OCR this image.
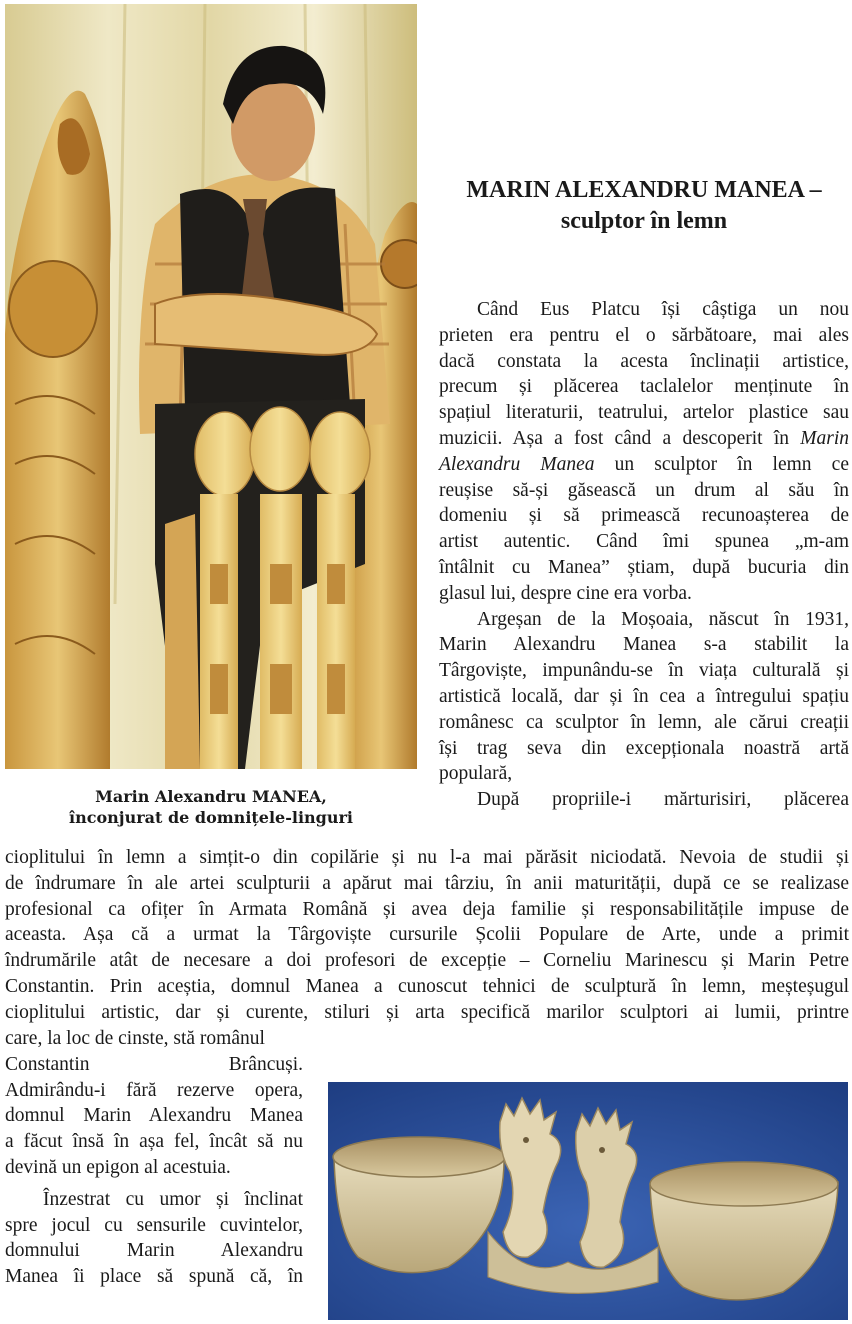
MARIN ALEXANDRU MANEA –
sculptor în lemn
Când Eus Platcu își câștiga un nou
prieten era pentru el o sărbătoare, mai ales
dacă constata la acesta înclinații artistice,
precum și plăcerea taclalelor menținute în
spațiul literaturii, teatrului, artelor plastice sau
muzicii. Așa a fost când a descoperit în Marin
Alexandru Manea un sculptor în lemn ce
reușise să-și găsească un drum al său în
domeniu și să primească recunoașterea de
artist autentic. Când îmi spunea „m-am
întâlnit cu Manea” știam, după bucuria din
glasul lui, despre cine era vorba.
Argeșan de la Moșoaia, născut în 1931,
Marin Alexandru Manea s-a stabilit la
Târgoviște, impunându-se în viața culturală și
artistică locală, dar și în cea a întregului spațiu
românesc ca sculptor în lemn, ale cărui creații
își trag seva din excepționala noastră artă
populară,
După propriile-i mărturisiri, plăcerea
Marin Alexandru MANEA,
înconjurat de domnițele-linguri
cioplitului în lemn a simțit-o din copilărie și nu l-a mai părăsit niciodată. Nevoia de studii și
de îndrumare în ale artei sculpturii a apărut mai târziu, în anii maturității, după ce se realizase
profesional ca ofițer în Armata Română și avea deja familie și responsabilitățile impuse de
aceasta. Așa că a urmat la Târgoviște cursurile Școlii Populare de Arte, unde a primit
îndrumările atât de necesare a doi profesori de excepție – Corneliu Marinescu și Marin Petre
Constantin. Prin aceștia, domnul Manea a cunoscut tehnici de sculptură în lemn, meșteșugul
cioplitului artistic, dar și curente, stiluri și arta specifică marilor sculptori ai lumii, printre
care, la loc de cinste, stă românul
Constantin Brâncuși.
Admirându-i fără rezerve opera,
domnul Marin Alexandru Manea
a făcut însă în așa fel, încât să nu
devină un epigon al acestuia.
Înzestrat cu umor și înclinat
spre jocul cu sensurile cuvintelor,
domnului Marin Alexandru
Manea îi place să spună că, în
